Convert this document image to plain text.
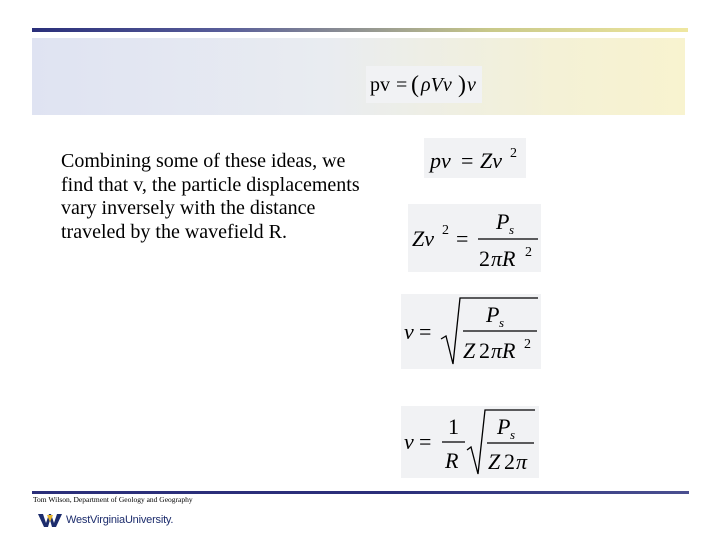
pv = ( ρVv ) v
pv = Zv 2
Zv 2 =
P s
2 πR 2
v =
P s
Z 2 πR 2
v =
1
R
P s
Z 2 π
Combining some of these ideas, we find that v, the particle displacements vary inversely with the distance traveled by the wavefield R.
Tom Wilson, Department of Geology and Geography
WestVirginiaUniversity.
